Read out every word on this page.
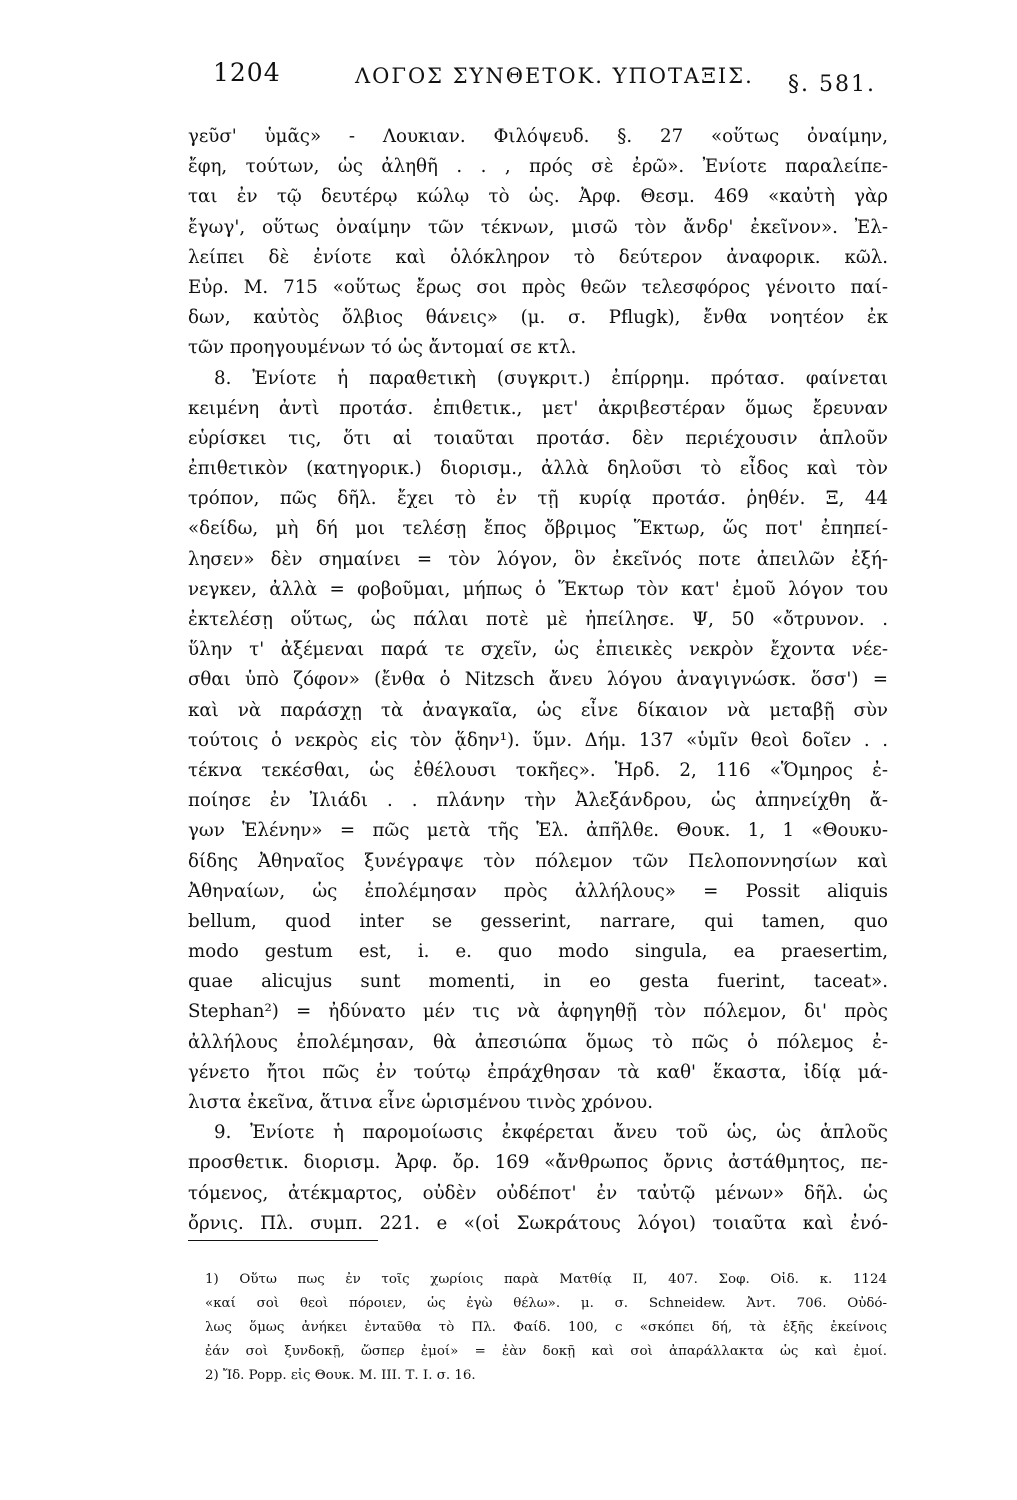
1204	ΛΟΓΟΣ ΣΥΝΘΕΤΟΚ. ΥΠΟΤΑΞΙΣ. §. 581.
γεῦσ' ὑμᾶς» - Λουκιαν. Φιλόψευδ. §. 27 «οὕτως ὀναίμην,
ἔφη, τούτων, ὡς ἀληθῆ . . , πρός σὲ ἐρῶ». Ἐνίοτε παραλείπε-
ται ἐν τῷ δευτέρῳ κώλῳ τὸ ὡς. Ἀρφ. Θεσμ. 469 «καὐτὴ γὰρ
ἔγωγ', οὕτως ὀναίμην τῶν τέκνων, μισῶ τὸν ἄνδρ' ἐκεῖνον». Ἐλ-
λείπει δὲ ἐνίοτε καὶ ὁλόκληρον τὸ δεύτερον ἀναφορικ. κῶλ.
Εὐρ. Μ. 715 «οὕτως ἔρως σοι πρὸς θεῶν τελεσφόρος γένοιτο παί-
δων, καὐτὸς ὄλβιος θάνεις» (μ. σ. Pflugk), ἔνθα νοητέον ἐκ
τῶν προηγουμένων τό ὡς ἄντομαί σε κτλ.
8. Ἐνίοτε ἡ παραθετικὴ (συγκριτ.) ἐπίρρημ. πρότασ. φαίνεται
κειμένη ἀντὶ προτάσ. ἐπιθετικ., μετ' ἀκριβεστέραν ὅμως ἔρευναν
εὑρίσκει τις, ὅτι αἱ τοιαῦται προτάσ. δὲν περιέχουσιν ἁπλοῦν
ἐπιθετικὸν (κατηγορικ.) διορισμ., ἀλλὰ δηλοῦσι τὸ εἶδος καὶ τὸν
τρόπον, πῶς δῆλ. ἔχει τὸ ἐν τῇ κυρίᾳ προτάσ. ῥηθέν. Ξ, 44
«δείδω, μὴ δή μοι τελέσῃ ἔπος ὄβριμος Ἕκτωρ, ὥς ποτ' ἐπηπεί-
λησεν» δὲν σημαίνει = τὸν λόγον, ὃν ἐκεῖνός ποτε ἀπειλῶν ἐξή-
νεγκεν, ἀλλὰ = φοβοῦμαι, μήπως ὁ Ἕκτωρ τὸν κατ' ἐμοῦ λόγον του
ἐκτελέσῃ οὕτως, ὡς πάλαι ποτὲ μὲ ἠπείλησε. Ψ, 50 «ὄτρυνον. .
ὕλην τ' ἀξέμεναι παρά τε σχεῖν, ὡς ἐπιεικὲς νεκρὸν ἔχοντα νέε-
σθαι ὑπὸ ζόφον» (ἔνθα ὁ Nitzsch ἄνευ λόγου ἀναγιγνώσκ. ὅσσ') =
καὶ νὰ παράσχῃ τὰ ἀναγκαῖα, ὡς εἶνε δίκαιον νὰ μεταβῇ σὺν
τούτοις ὁ νεκρὸς εἰς τὸν ᾅδην¹). ὕμν. Δήμ. 137 «ὑμῖν θεοὶ δοῖεν . .
τέκνα τεκέσθαι, ὡς ἐθέλουσι τοκῆες». Ἡρδ. 2, 116 «Ὅμηρος ἐ-
ποίησε ἐν Ἰλιάδι . . πλάνην τὴν Ἀλεξάνδρου, ὡς ἀπηνείχθη ἄ-
γων Ἑλένην» = πῶς μετὰ τῆς Ἑλ. ἀπῆλθε. Θουκ. 1, 1 «Θουκυ-
δίδης Ἀθηναῖος ξυνέγραψε τὸν πόλεμον τῶν Πελοποννησίων καὶ
Ἀθηναίων, ὡς ἐπολέμησαν πρὸς ἀλλήλους» = Possit aliquis
bellum, quod inter se gesserint, narrare, qui tamen, quo
modo gestum est, i. e. quo modo singula, ea praesertim,
quae alicujus sunt momenti, in eo gesta fuerint, taceat».
Stephan²) = ἠδύνατο μέν τις νὰ ἀφηγηθῇ τὸν πόλεμον, δι' πρὸς
ἀλλήλους ἐπολέμησαν, θὰ ἀπεσιώπα ὅμως τὸ πῶς ὁ πόλεμος ἐ-
γένετο ἤτοι πῶς ἐν τούτῳ ἐπράχθησαν τὰ καθ' ἕκαστα, ἰδίᾳ μά-
λιστα ἐκεῖνα, ἅτινα εἶνε ὡρισμένου τινὸς χρόνου.
9. Ἐνίοτε ἡ παρομοίωσις ἐκφέρεται ἄνευ τοῦ ὡς, ὡς ἁπλοῦς
προσθετικ. διορισμ. Ἀρφ. ὄρ. 169 «ἄνθρωπος ὄρνις ἀστάθμητος, πε-
τόμενος, ἀτέκμαρτος, οὐδὲν οὐδέποτ' ἐν ταὐτῷ μένων» δῆλ. ὡς
ὄρνις. Πλ. συμπ. 221. e «(οἱ Σωκράτους λόγοι) τοιαῦτα καὶ ἐνό-
1) Οὕτω πως ἐν τοῖς χωρίοις παρὰ Ματθίᾳ II, 407. Σοφ. Οἰδ. κ. 1124
«καί σοὶ θεοὶ πόροιεν, ὡς ἐγὼ θέλω». μ. σ. Schneidew. Ἀντ. 706. Οὐδό-
λως ὅμως ἀνήκει ἐνταῦθα τὸ Πλ. Φαίδ. 100, c «σκόπει δή, τὰ ἑξῆς ἐκείνοις
ἐάν σοὶ ξυνδοκῇ, ὥσπερ ἐμοί» = ἐὰν δοκῇ καὶ σοὶ ἀπαράλλακτα ὡς καὶ ἐμοί.
2) Ἴδ. Popp. εἰς Θουκ. Μ. III. Τ. I. σ. 16.
